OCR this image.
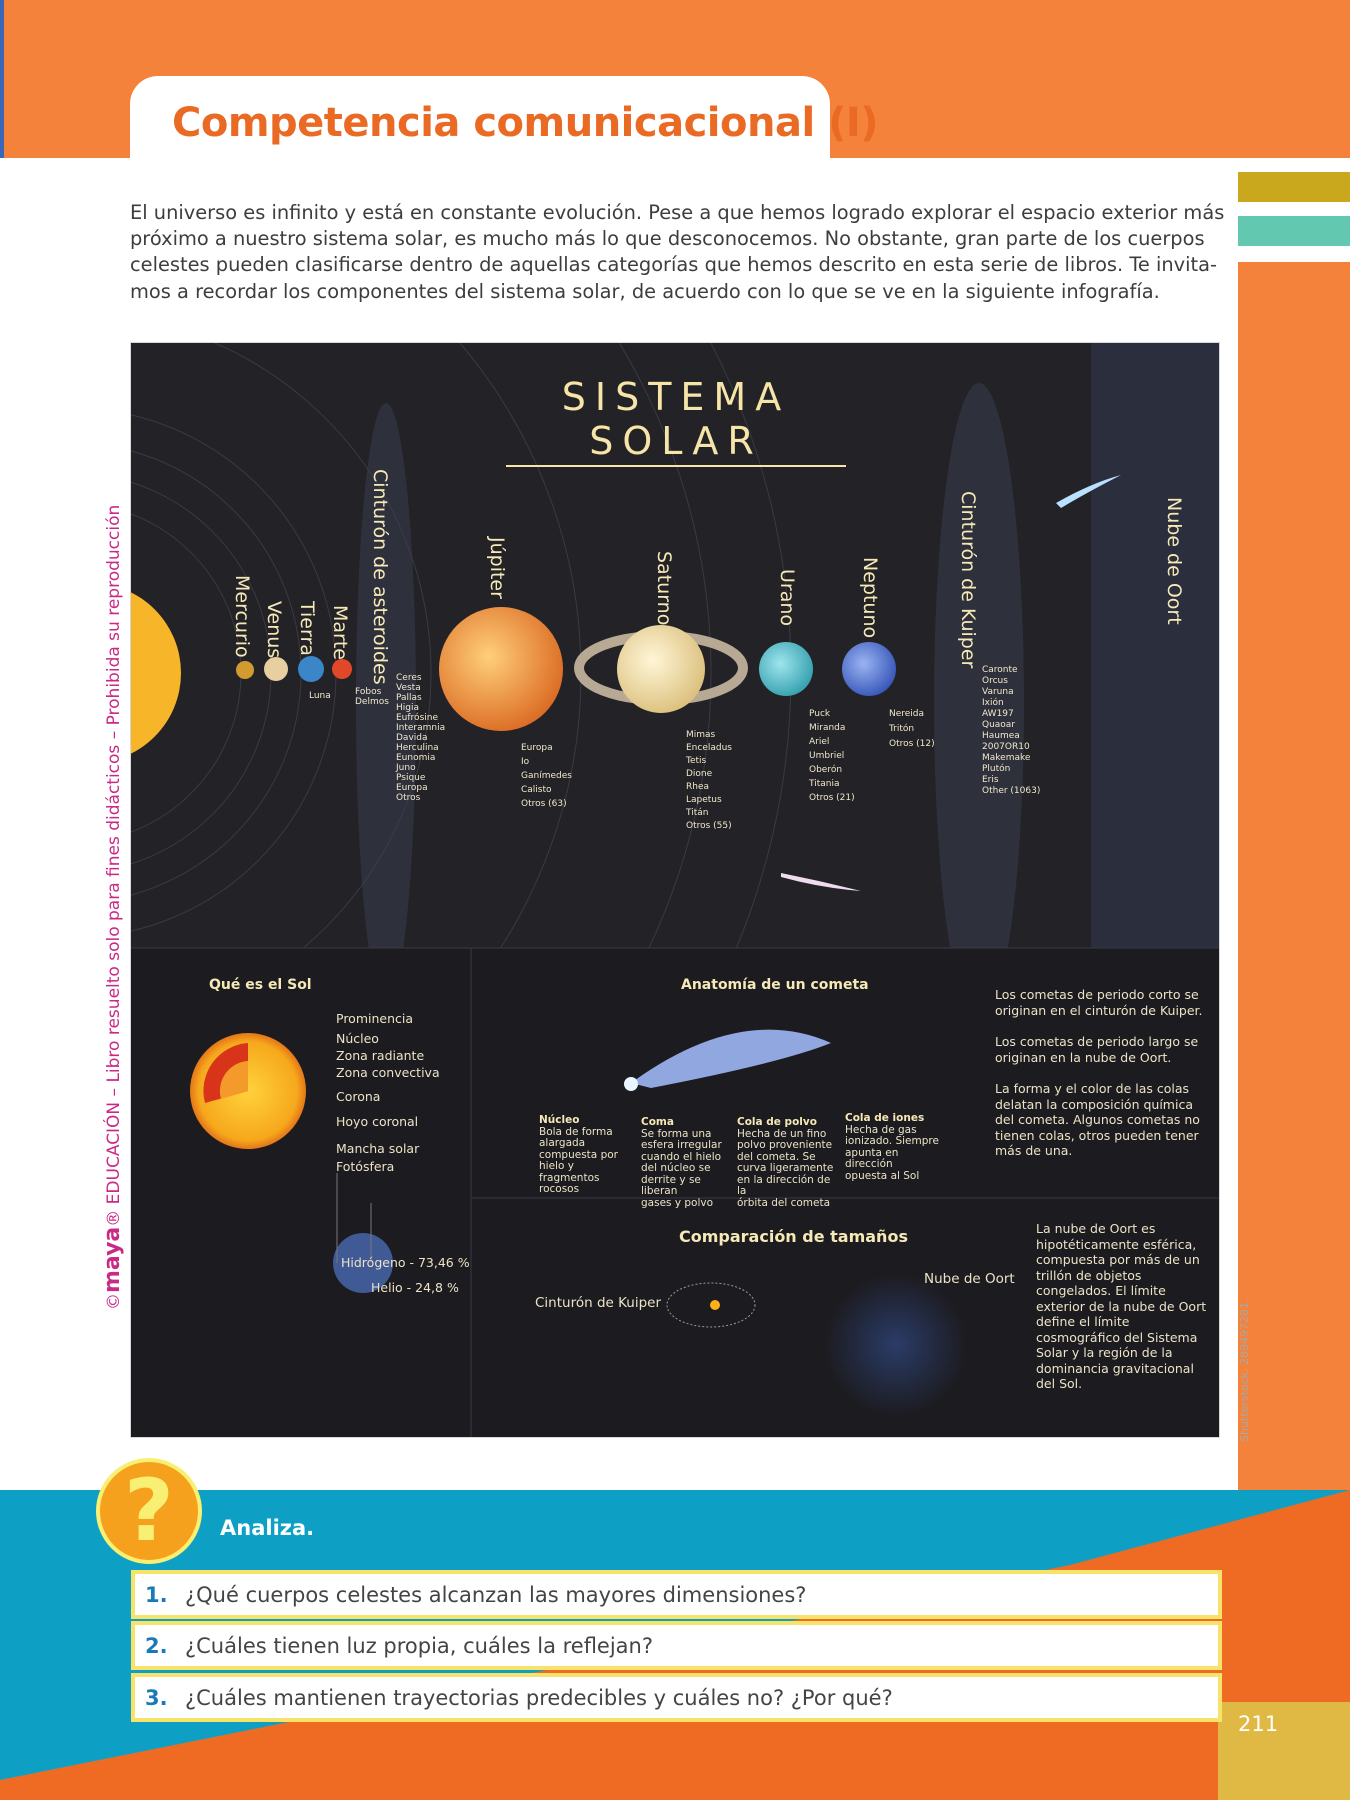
Competencia comunicacional (I)

El universo es infinito y está en constante evolución. Pese a que hemos logrado explorar el espacio exterior más
próximo a nuestro sistema solar, es mucho más lo que desconocemos. No obstante, gran parte de los cuerpos
celestes pueden clasificarse dentro de aquellas categorías que hemos descrito en esta serie de libros. Te invita-
mos a recordar los componentes del sistema solar, de acuerdo con lo que se ve en la siguiente infografía.

©maya® EDUCACIÓN – Libro resuelto solo para fines didácticos – Prohibida su reproducción
Shutterstock, 289497281.
SISTEMA SOLAR
Mercurio Venus Tierra Marte Cinturón de asteroides	Júpiter	Saturno	Urano	Neptuno	Cinturón de Kuiper	Nube de Oort
Luna	Fobos
Delmos
Ceres
Vesta
Pallas
Higia
Eufrósine
Interamnia
Davida
Herculina
Eunomia
Juno
Psique
Europa
Otros
Europa
Io
Ganímedes
Calisto
Otros (63)
Mimas
Enceladus
Tetis
Dione
Rhea
Lapetus
Titán
Otros (55)
Puck
Miranda
Ariel
Umbriel
Oberón
Titania
Otros (21)
Nereida
Tritón
Otros (12)
Caronte
Orcus
Varuna
Ixión
AW197
Quaoar
Haumea
2007OR10
Makemake
Plutón
Eris
Other (1063)
Qué es el Sol
Prominencia
Núcleo
Zona radiante
Zona convectiva
Corona
Hoyo coronal
Mancha solar
Fotósfera
Hidrógeno - 73,46 %
Helio - 24,8 %
Anatomía de un cometa
Núcleo
Bola de forma
alargada
compuesta por
hielo y fragmentos
rocosos
Coma
Se forma una
esfera irregular
cuando el hielo
del núcleo se
derrite y se liberan
gases y polvo
Cola de polvo
Hecha de un fino
polvo proveniente
del cometa. Se
curva ligeramente
en la dirección de la
órbita del cometa
Cola de iones
Hecha de gas
ionizado. Siempre
apunta en dirección
opuesta al Sol

Los cometas de periodo corto se originan en el cinturón de Kuiper.

Los cometas de periodo largo se originan en la nube de Oort.

La forma y el color de las colas delatan la composición química del cometa. Algunos cometas no tienen colas, otros pueden tener más de una.

Comparación de tamaños
Cinturón de Kuiper
Nube de Oort
La nube de Oort es hipotéticamente esférica, compuesta por más de un trillón de objetos congelados. El límite exterior de la nube de Oort define el límite cosmográfico del Sistema Solar y la región de la dominancia gravitacional del Sol.
?	Analiza.
1. ¿Qué cuerpos celestes alcanzan las mayores dimensiones?
2. ¿Cuáles tienen luz propia, cuáles la reflejan?
3. ¿Cuáles mantienen trayectorias predecibles y cuáles no? ¿Por qué?
211
